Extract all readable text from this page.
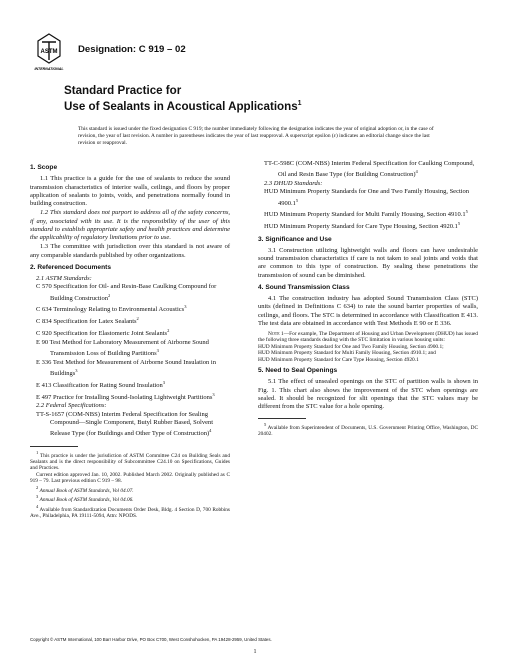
ASTM
INTERNATIONAL
Designation: C 919 – 02
Standard Practice for
Use of Sealants in Acoustical Applications$^1$
This standard is issued under the fixed designation C 919; the number immediately following the designation indicates the year of original adoption or, in the case of revision, the year of last revision. A number in parentheses indicates the year of last reapproval. A superscript epsilon (ε) indicates an editorial change since the last revision or reapproval.
1. Scope

1.1 This practice is a guide for the use of sealants to reduce the sound transmission characteristics of interior walls, ceilings, and floors by proper application of sealants to joints, voids, and penetrations normally found in building construction.

1.2 This standard does not purport to address all of the safety concerns, if any, associated with its use. It is the responsibility of the user of this standard to establish appropriate safety and health practices and determine the applicability of regulatory limitations prior to use.

1.3 The committee with jurisdiction over this standard is not aware of any comparable standards published by other organizations.

2. Referenced Documents
2.1 ASTM Standards:
C 570 Specification for Oil- and Resin-Base Caulking Compound for Building Construction$^2$
C 634 Terminology Relating to Environmental Acoustics$^3$
C 834 Specification for Latex Sealants$^2$
C 920 Specification for Elastomeric Joint Sealants$^2$
E 90 Test Method for Laboratory Measurement of Airborne Sound Transmission Loss of Building Partitions$^3$
E 336 Test Method for Measurement of Airborne Sound Insulation in Buildings$^3$
E 413 Classification for Rating Sound Insulation$^3$
E 497 Practice for Installing Sound-Isolating Lightweight Partitions$^3$
2.2 Federal Specifications:
TT-S-1657 (COM-NBS) Interim Federal Specification for Sealing Compound—Single Component, Butyl Rubber Based, Solvent Release Type (for Buildings and Other Type of Construction)$^4$

$^1$ This practice is under the jurisdiction of ASTM Committee C24 on Building Seals and Sealants and is the direct responsibility of Subcommittee C24.10 on Specifications, Guides and Practices.

Current edition approved Jan. 10, 2002. Published March 2002. Originally published as C 919 – 79. Last previous edition C 919 – 98.

$^2$ Annual Book of ASTM Standards, Vol 04.07.

$^3$ Annual Book of ASTM Standards, Vol 04.06.

$^4$ Available from Standardization Documents Order Desk, Bldg. 4 Section D, 700 Robbins Ave., Philadelphia, PA 19111-5094, Attn: NPODS.

TT-C-598C (COM-NBS) Interim Federal Specification for Caulking Compound, Oil and Resin Base Type (for Building Construction)$^4$
2.3 DHUD Standards:
HUD Minimum Property Standards for One and Two Family Housing, Section 4900.1$^5$
HUD Minimum Property Standard for Multi Family Housing, Section 4910.1$^5$
HUD Minimum Property Standard for Care Type Housing, Section 4920.1$^5$
3. Significance and Use

3.1 Construction utilizing lightweight walls and floors can have undesirable sound transmission characteristics if care is not taken to seal joints and voids that are common to this type of construction. By sealing these penetrations the transmission of sound can be diminished.

4. Sound Transmission Class

4.1 The construction industry has adopted Sound Transmission Class (STC) units (defined in Definitions C 634) to rate the sound barrier properties of walls, ceilings, and floors. The STC is determined in accordance with Classification E 413. The test data are obtained in accordance with Test Methods E 90 or E 336.

Note 1—For example, The Department of Housing and Urban Development (DHUD) has issued the following three standards dealing with the STC limitation in various housing units:

HUD Minimum Property Standard for One and Two Family Housing, Section 4900.1;

HUD Minimum Property Standard for Multi Family Housing, Section 4910.1; and

HUD Minimum Property Standard for Care Type Housing, Section 4920.1

5. Need to Seal Openings

5.1 The effect of unsealed openings on the STC of partition walls is shown in Fig. 1. This chart also shows the improvement of the STC when openings are sealed. It should be recognized for slit openings that the STC values may be different from the STC value for a hole opening.

$^5$ Available from Superintendent of Documents, U.S. Government Printing Office, Washington, DC 20402.

Copyright © ASTM International, 100 Barr Harbor Drive, PO Box C700, West Conshohocken, PA 19428-2959, United States.
1
